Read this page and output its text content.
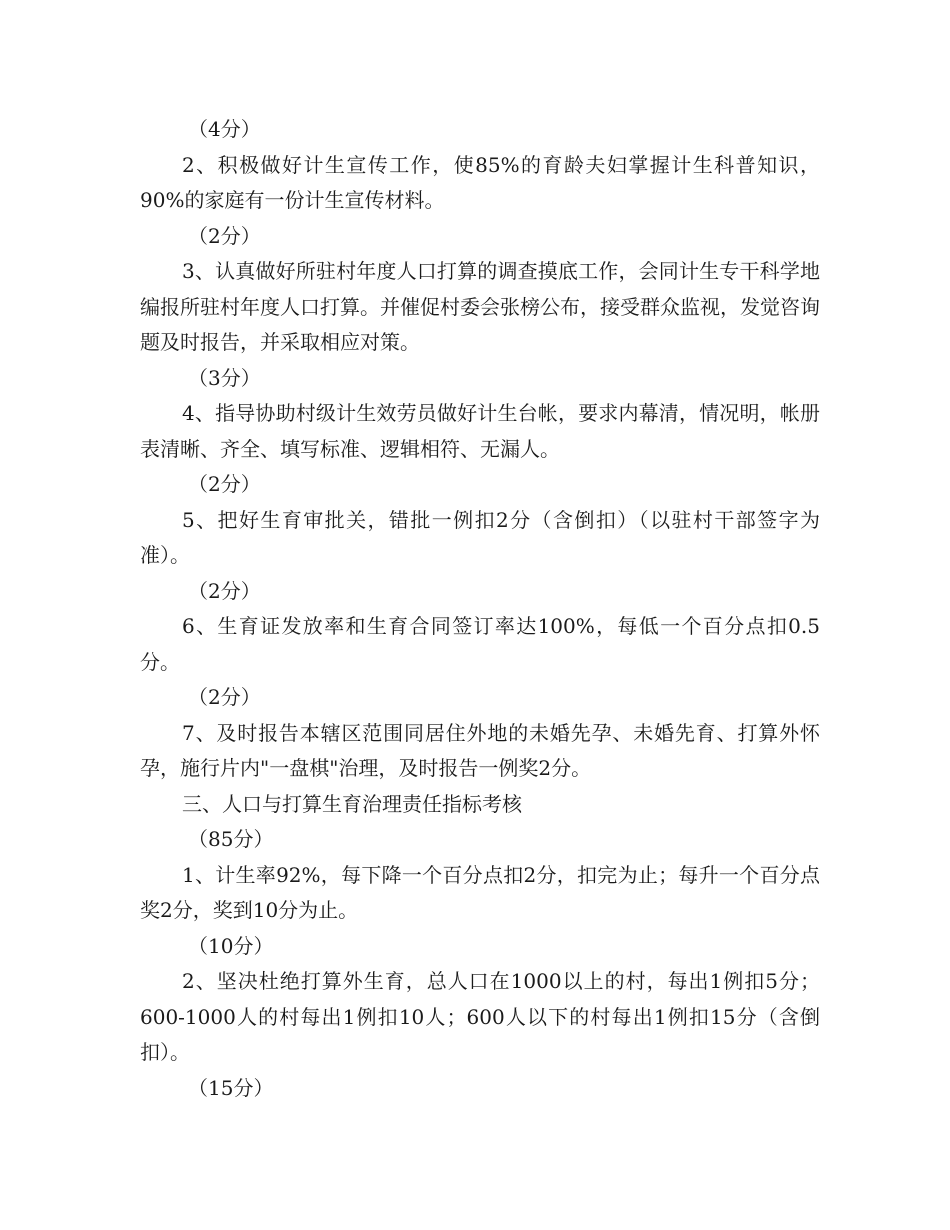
（4分）

2、积极做好计生宣传工作，使85%的育龄夫妇掌握计生科普知识，90%的家庭有一份计生宣传材料。

（2分）

3、认真做好所驻村年度人口打算的调查摸底工作，会同计生专干科学地编报所驻村年度人口打算。并催促村委会张榜公布，接受群众监视，发觉咨询题及时报告，并采取相应对策。

（3分）

4、指导协助村级计生效劳员做好计生台帐，要求内幕清，情况明，帐册表清晰、齐全、填写标准、逻辑相符、无漏人。

（2分）

5、把好生育审批关，错批一例扣2分（含倒扣）（以驻村干部签字为准）。

（2分）

6、生育证发放率和生育合同签订率达100%，每低一个百分点扣0.5分。

（2分）

7、及时报告本辖区范围同居住外地的未婚先孕、未婚先育、打算外怀孕，施行片内"一盘棋"治理，及时报告一例奖2分。

三、人口与打算生育治理责任指标考核

（85分）

1、计生率92%，每下降一个百分点扣2分，扣完为止；每升一个百分点奖2分，奖到10分为止。

（10分）

2、坚决杜绝打算外生育，总人口在1000以上的村，每出1例扣5分；600-1000人的村每出1例扣10人；600人以下的村每出1例扣15分（含倒扣）。

（15分）
